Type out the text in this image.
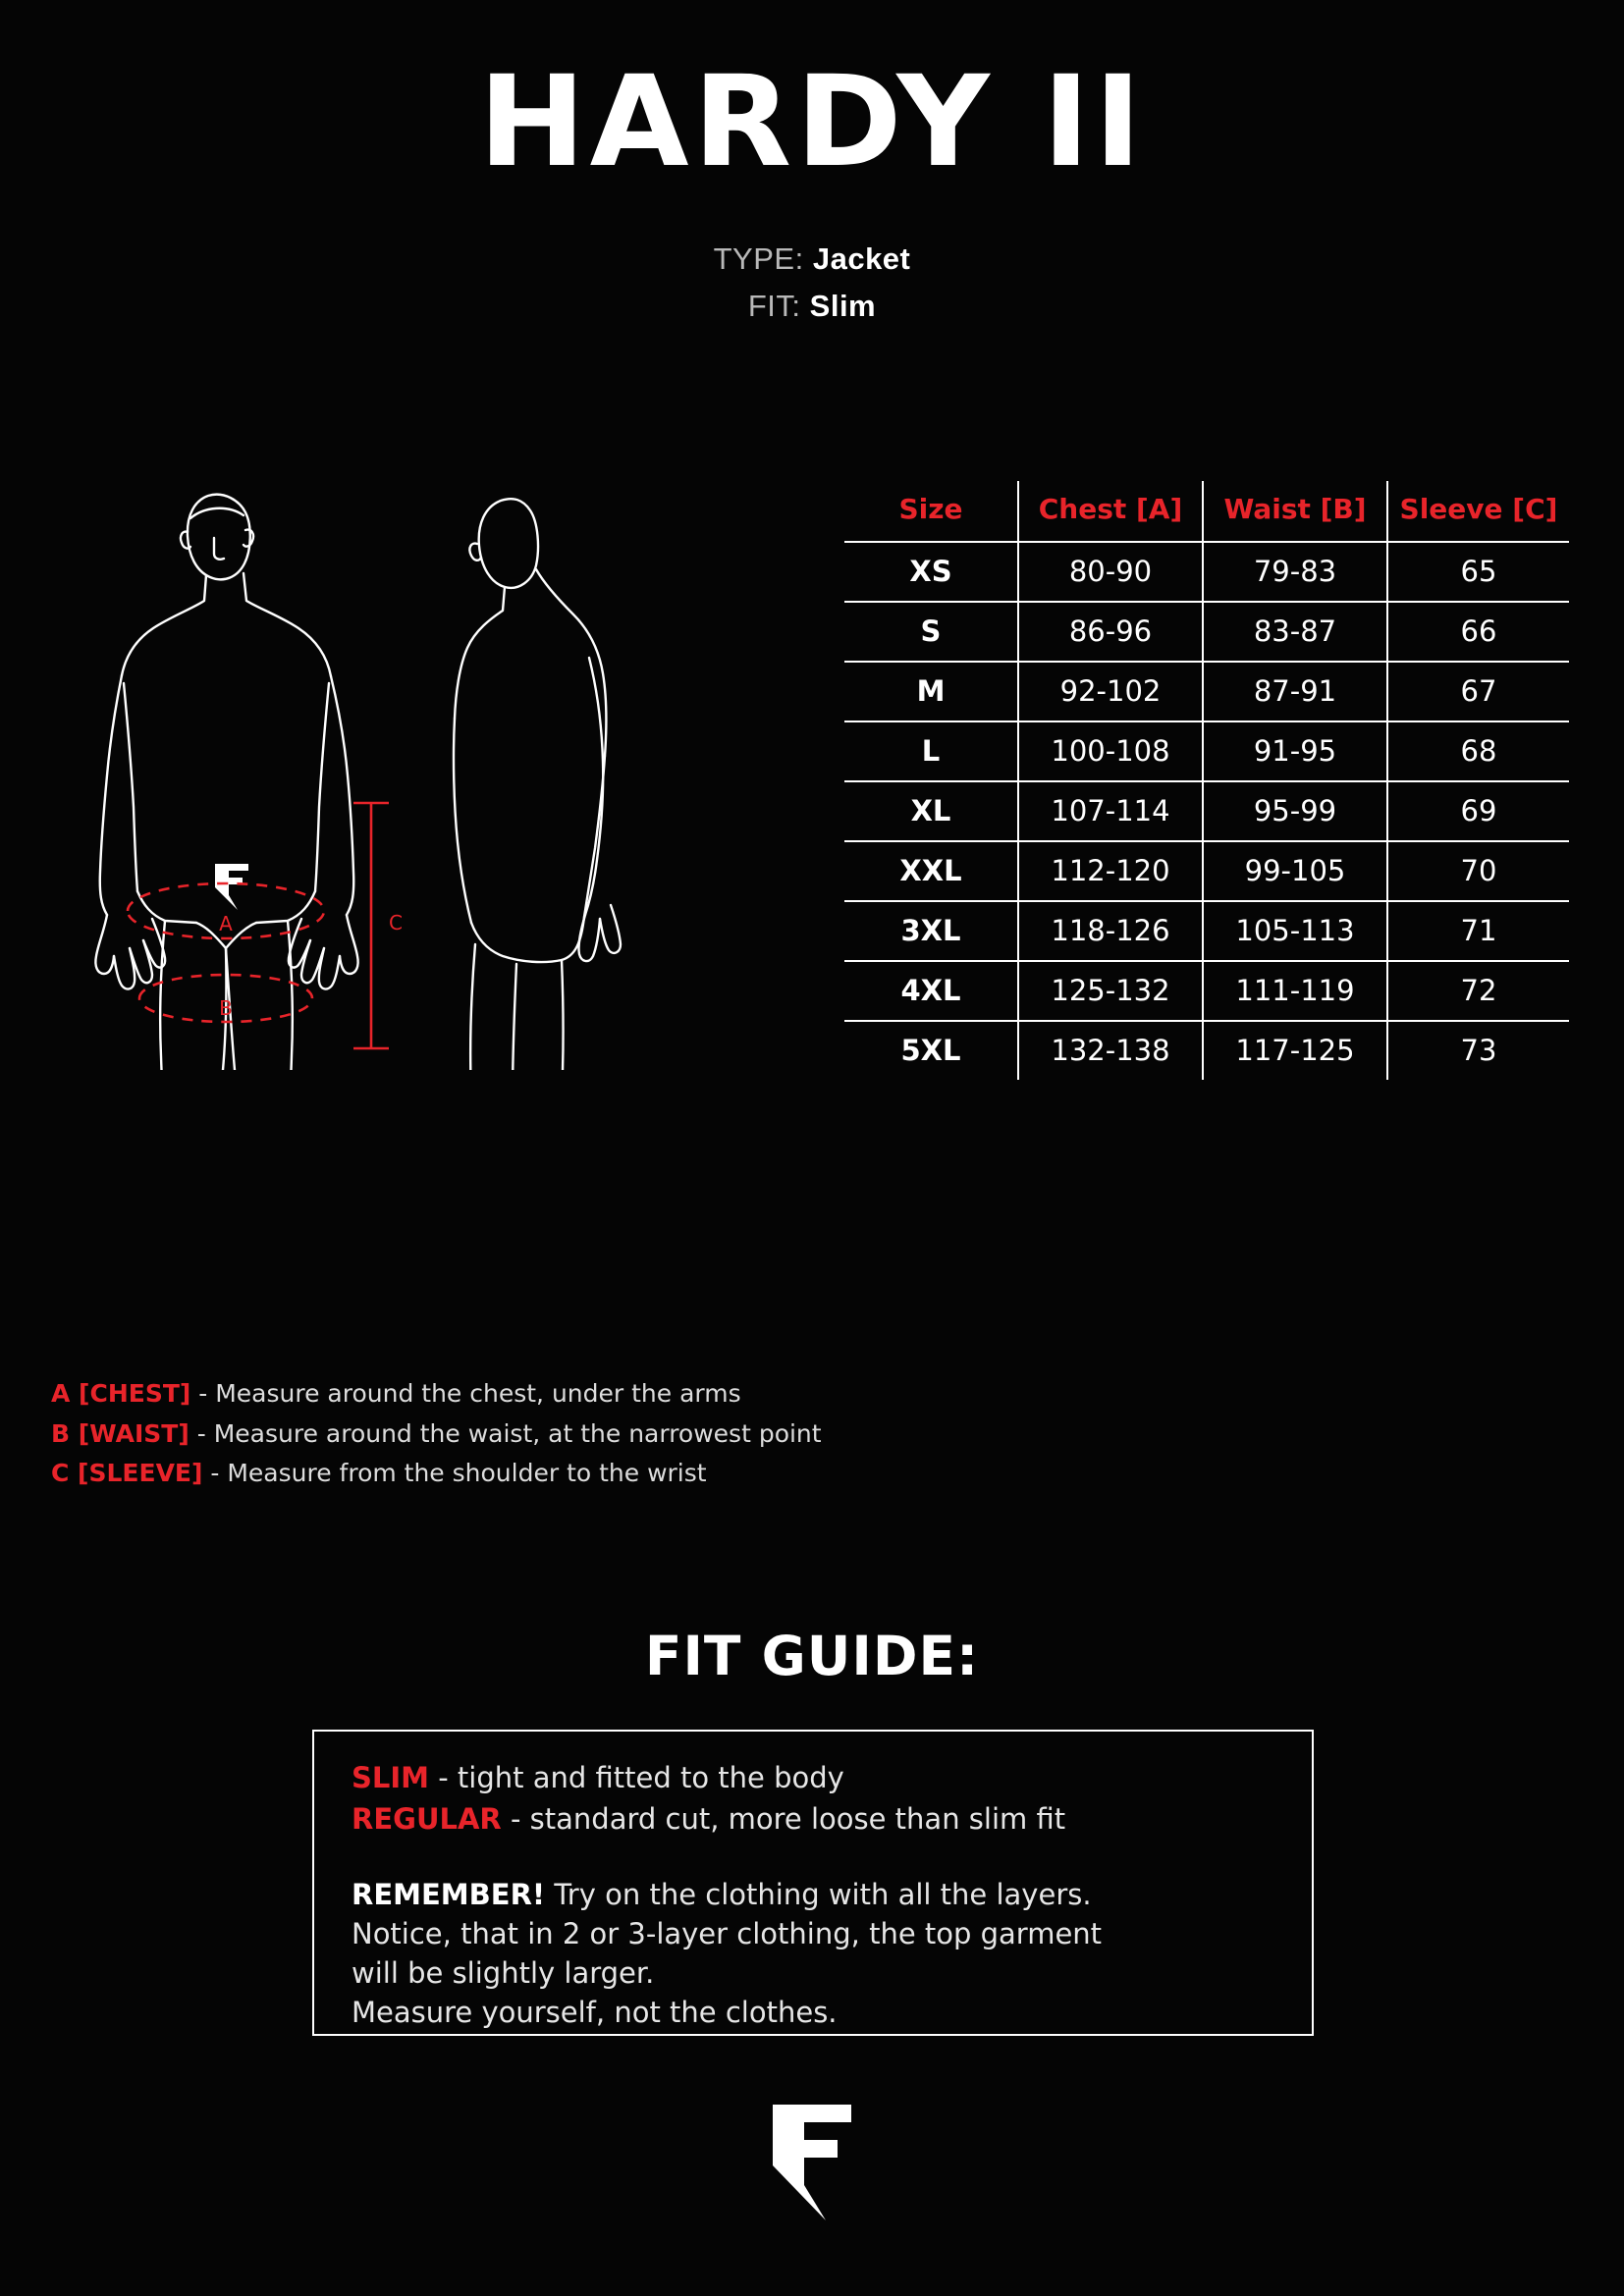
HARDY II
TYPE: Jacket
FIT: Slim
A
B
C
Size	Chest [A]	Waist [B]	Sleeve [C]
XS	80-90	79-83	65
S	86-96	83-87	66
M	92-102	87-91	67
L	100-108	91-95	68
XL	107-114	95-99	69
XXL	112-120	99-105	70
3XL	118-126	105-113	71
4XL	125-132	111-119	72
5XL	132-138	117-125	73
A [CHEST] - Measure around the chest, under the arms
B [WAIST] - Measure around the waist, at the narrowest point
C [SLEEVE] - Measure from the shoulder to the wrist
FIT GUIDE:
SLIM - tight and fitted to the body
REGULAR - standard cut, more loose than slim fit
REMEMBER! Try on the clothing with all the layers.
Notice, that in 2 or 3-layer clothing, the top garment
will be slightly larger.
Measure yourself, not the clothes.
